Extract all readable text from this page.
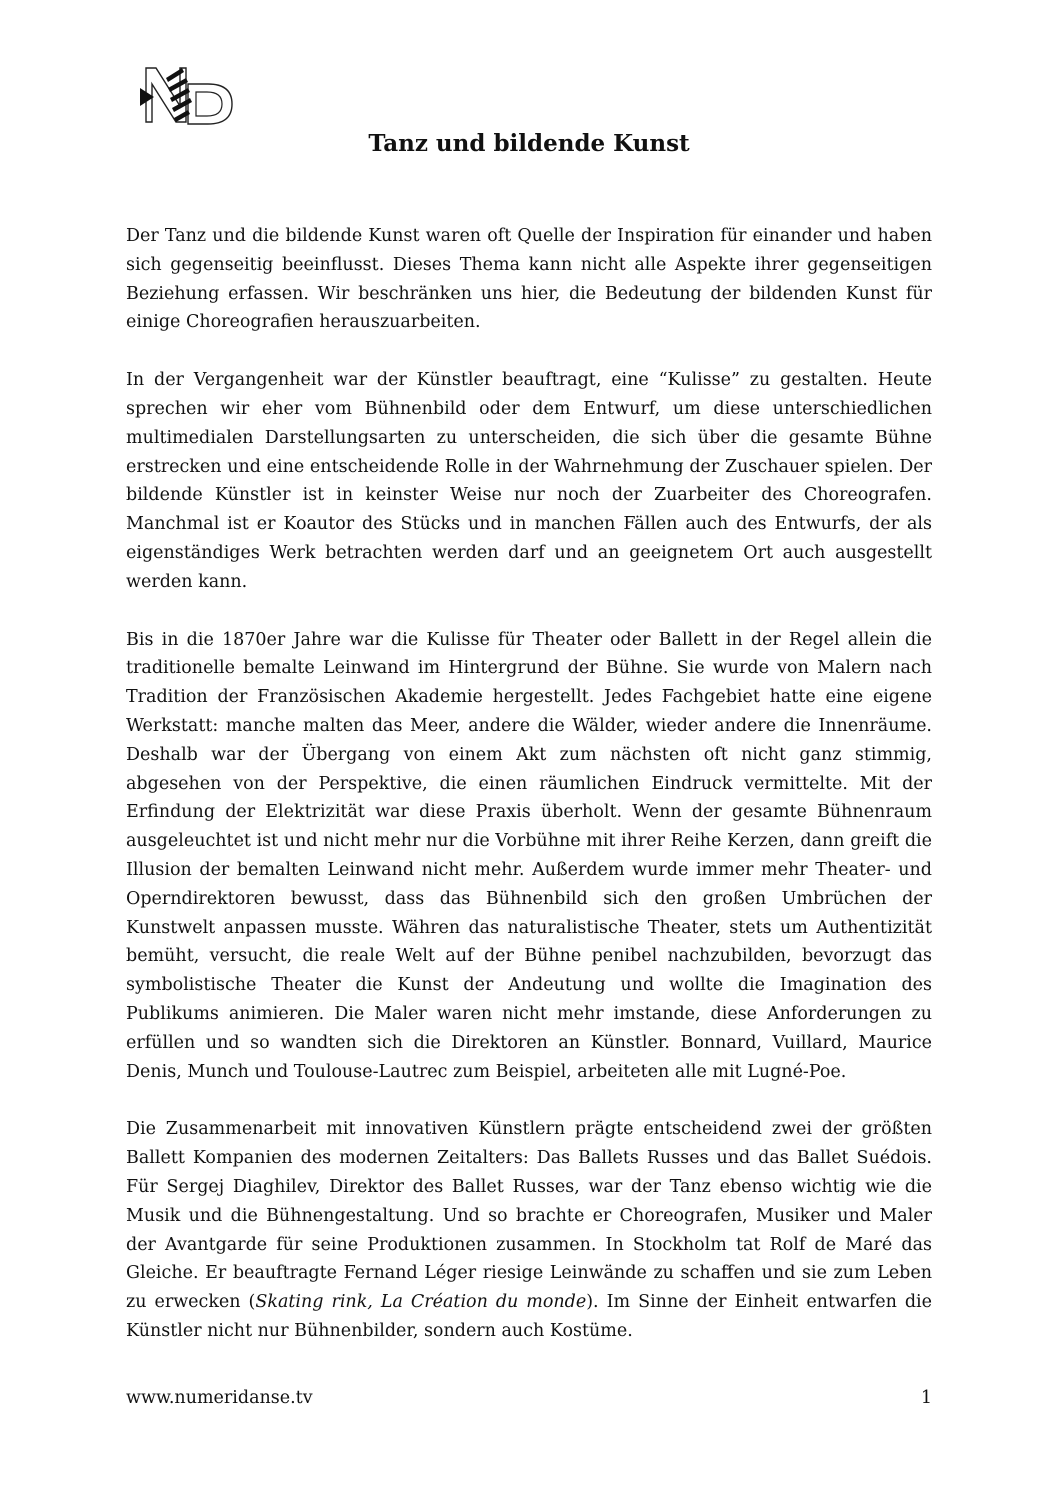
Tanz und bildende Kunst

Der Tanz und die bildende Kunst waren oft Quelle der Inspiration für einander und haben sich gegenseitig beeinflusst. Dieses Thema kann nicht alle Aspekte ihrer gegenseitigen Beziehung erfassen. Wir beschränken uns hier, die Bedeutung der bildenden Kunst für einige Choreografien herauszuarbeiten.

In der Vergangenheit war der Künstler beauftragt, eine “Kulisse” zu gestalten. Heute sprechen wir eher vom Bühnenbild oder dem Entwurf, um diese unterschiedlichen multimedialen Darstellungsarten zu unterscheiden, die sich über die gesamte Bühne erstrecken und eine entscheidende Rolle in der Wahrnehmung der Zuschauer spielen. Der bildende Künstler ist in keinster Weise nur noch der Zuarbeiter des Choreografen. Manchmal ist er Koautor des Stücks und in manchen Fällen auch des Entwurfs, der als eigenständiges Werk betrachten werden darf und an geeignetem Ort auch ausgestellt werden kann.

Bis in die 1870er Jahre war die Kulisse für Theater oder Ballett in der Regel allein die traditionelle bemalte Leinwand im Hintergrund der Bühne. Sie wurde von Malern nach Tradition der Französischen Akademie hergestellt. Jedes Fachgebiet hatte eine eigene Werkstatt: manche malten das Meer, andere die Wälder, wieder andere die Innenräume. Deshalb war der Übergang von einem Akt zum nächsten oft nicht ganz stimmig, abgesehen von der Perspektive, die einen räumlichen Eindruck vermittelte. Mit der Erfindung der Elektrizität war diese Praxis überholt. Wenn der gesamte Bühnenraum ausgeleuchtet ist und nicht mehr nur die Vorbühne mit ihrer Reihe Kerzen, dann greift die Illusion der bemalten Leinwand nicht mehr. Außerdem wurde immer mehr Theater- und Operndirektoren bewusst, dass das Bühnenbild sich den großen Umbrüchen der Kunstwelt anpassen musste. Währen das naturalistische Theater, stets um Authentizität bemüht, versucht, die reale Welt auf der Bühne penibel nachzubilden, bevorzugt das symbolistische Theater die Kunst der Andeutung und wollte die Imagination des Publikums animieren. Die Maler waren nicht mehr imstande, diese Anforderungen zu erfüllen und so wandten sich die Direktoren an Künstler. Bonnard, Vuillard, Maurice Denis, Munch und Toulouse-Lautrec zum Beispiel, arbeiteten alle mit Lugné-Poe.

Die Zusammenarbeit mit innovativen Künstlern prägte entscheidend zwei der größten Ballett Kompanien des modernen Zeitalters: Das Ballets Russes und das Ballet Suédois. Für Sergej Diaghilev, Direktor des Ballet Russes, war der Tanz ebenso wichtig wie die Musik und die Bühnengestaltung. Und so brachte er Choreografen, Musiker und Maler der Avantgarde für seine Produktionen zusammen. In Stockholm tat Rolf de Maré das Gleiche. Er beauftragte Fernand Léger riesige Leinwände zu schaffen und sie zum Leben zu erwecken (Skating rink, La Création du monde). Im Sinne der Einheit entwarfen die Künstler nicht nur Bühnenbilder, sondern auch Kostüme.

www.numeridanse.tv	1
